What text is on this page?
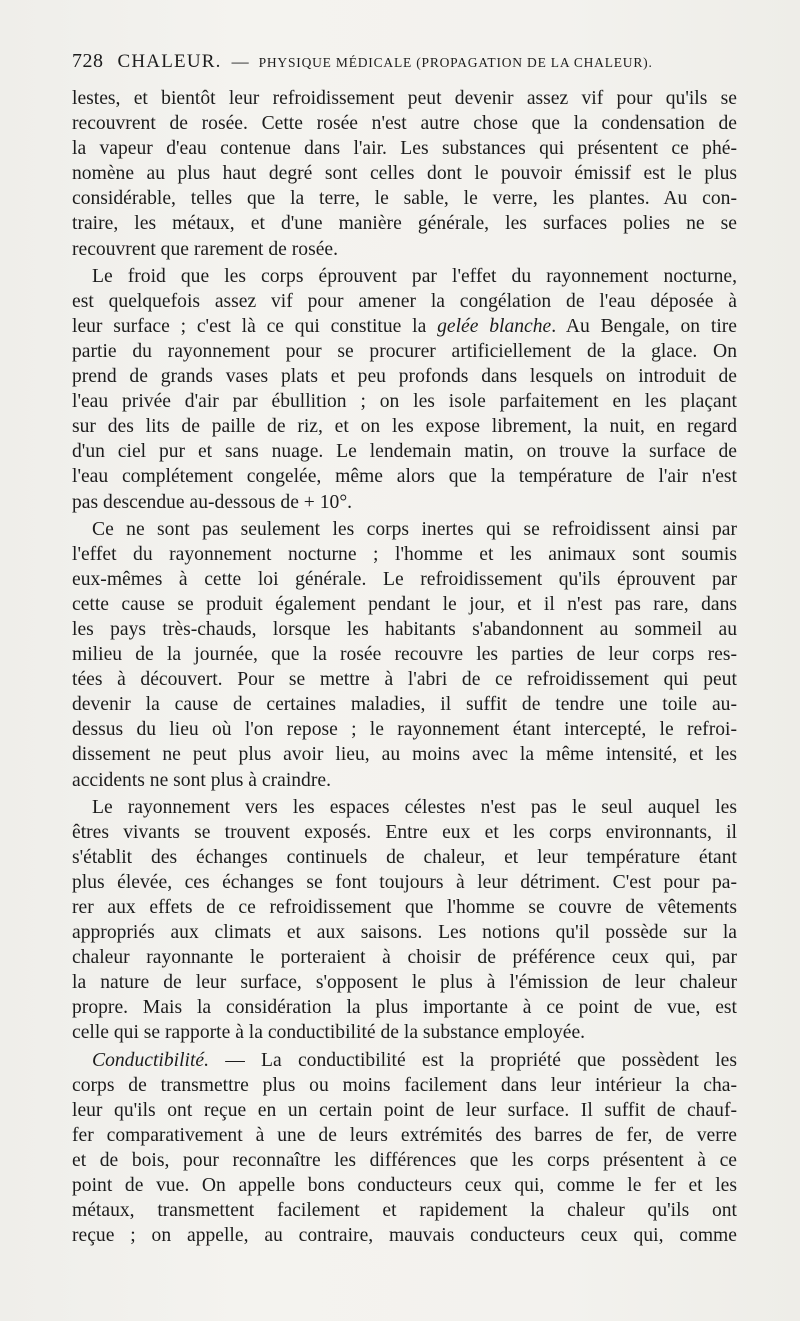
728 CHALEUR. — PHYSIQUE MÉDICALE (PROPAGATION DE LA CHALEUR).

lestes, et bientôt leur refroidissement peut devenir assez vif pour qu'ils se
recouvrent de rosée. Cette rosée n'est autre chose que la condensation de
la vapeur d'eau contenue dans l'air. Les substances qui présentent ce phé-
nomène au plus haut degré sont celles dont le pouvoir émissif est le plus
considérable, telles que la terre, le sable, le verre, les plantes. Au con-
traire, les métaux, et d'une manière générale, les surfaces polies ne se
recouvrent que rarement de rosée.

Le froid que les corps éprouvent par l'effet du rayonnement nocturne,
est quelquefois assez vif pour amener la congélation de l'eau déposée à
leur surface ; c'est là ce qui constitue la gelée blanche. Au Bengale, on tire
partie du rayonnement pour se procurer artificiellement de la glace. On
prend de grands vases plats et peu profonds dans lesquels on introduit de
l'eau privée d'air par ébullition ; on les isole parfaitement en les plaçant
sur des lits de paille de riz, et on les expose librement, la nuit, en regard
d'un ciel pur et sans nuage. Le lendemain matin, on trouve la surface de
l'eau complétement congelée, même alors que la température de l'air n'est
pas descendue au-dessous de + 10°.

Ce ne sont pas seulement les corps inertes qui se refroidissent ainsi par
l'effet du rayonnement nocturne ; l'homme et les animaux sont soumis
eux-mêmes à cette loi générale. Le refroidissement qu'ils éprouvent par
cette cause se produit également pendant le jour, et il n'est pas rare, dans
les pays très-chauds, lorsque les habitants s'abandonnent au sommeil au
milieu de la journée, que la rosée recouvre les parties de leur corps res-
tées à découvert. Pour se mettre à l'abri de ce refroidissement qui peut
devenir la cause de certaines maladies, il suffit de tendre une toile au-
dessus du lieu où l'on repose ; le rayonnement étant intercepté, le refroi-
dissement ne peut plus avoir lieu, au moins avec la même intensité, et les
accidents ne sont plus à craindre.

Le rayonnement vers les espaces célestes n'est pas le seul auquel les
êtres vivants se trouvent exposés. Entre eux et les corps environnants, il
s'établit des échanges continuels de chaleur, et leur température étant
plus élevée, ces échanges se font toujours à leur détriment. C'est pour pa-
rer aux effets de ce refroidissement que l'homme se couvre de vêtements
appropriés aux climats et aux saisons. Les notions qu'il possède sur la
chaleur rayonnante le porteraient à choisir de préférence ceux qui, par
la nature de leur surface, s'opposent le plus à l'émission de leur chaleur
propre. Mais la considération la plus importante à ce point de vue, est
celle qui se rapporte à la conductibilité de la substance employée.

Conductibilité. — La conductibilité est la propriété que possèdent les
corps de transmettre plus ou moins facilement dans leur intérieur la cha-
leur qu'ils ont reçue en un certain point de leur surface. Il suffit de chauf-
fer comparativement à une de leurs extrémités des barres de fer, de verre
et de bois, pour reconnaître les différences que les corps présentent à ce
point de vue. On appelle bons conducteurs ceux qui, comme le fer et les
métaux, transmettent facilement et rapidement la chaleur qu'ils ont
reçue ; on appelle, au contraire, mauvais conducteurs ceux qui, comme
